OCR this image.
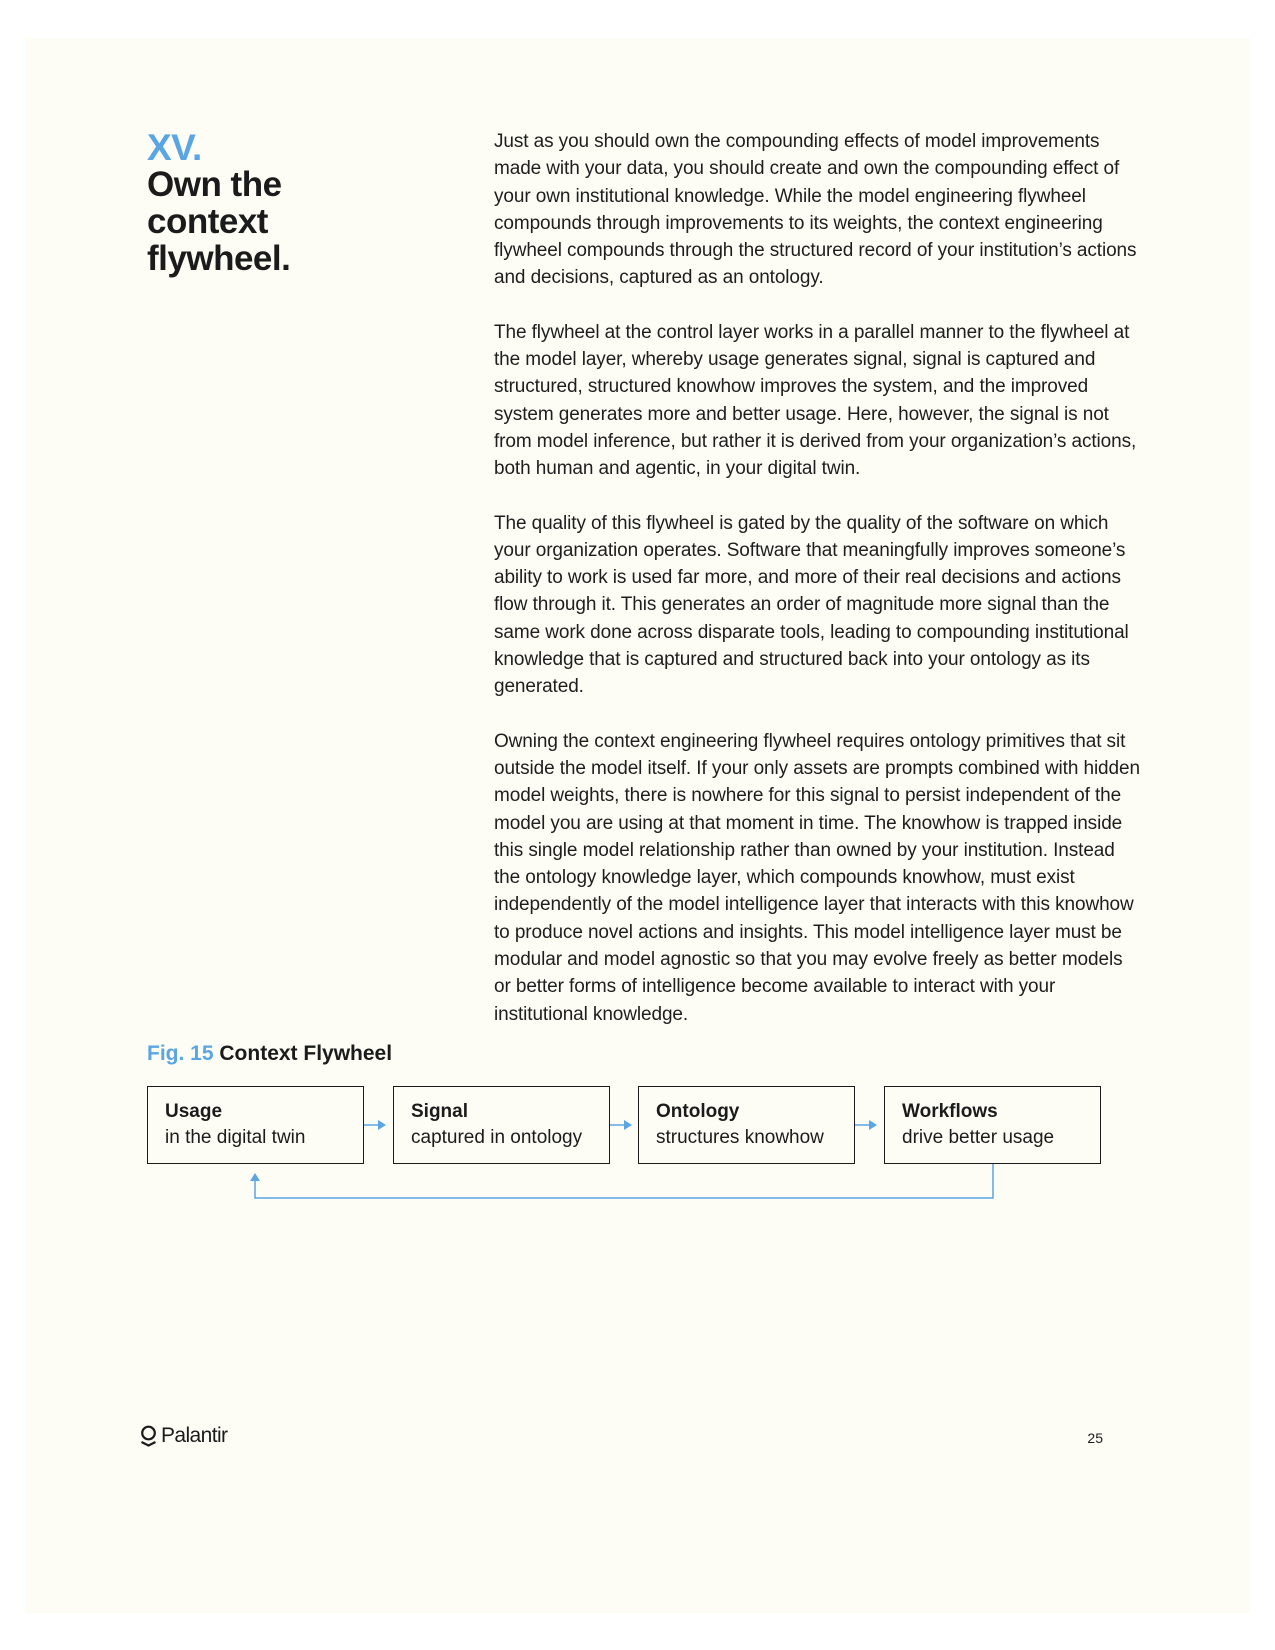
XV.
Own the
context
flywheel.

Just as you should own the compounding effects of model improvements made with your data, you should create and own the compounding effect of your own institutional knowledge. While the model engineering flywheel compounds through improvements to its weights, the context engineering flywheel compounds through the structured record of your institution’s actions and decisions, captured as an ontology.

The flywheel at the control layer works in a parallel manner to the flywheel at the model layer, whereby usage generates signal, signal is captured and structured, structured knowhow improves the system, and the improved system generates more and better usage. Here, however, the signal is not from model inference, but rather it is derived from your organization’s actions, both human and agentic, in your digital twin.

The quality of this flywheel is gated by the quality of the software on which your organization operates. Software that meaningfully improves someone’s ability to work is used far more, and more of their real decisions and actions flow through it. This generates an order of magnitude more signal than the same work done across disparate tools, leading to compounding institutional knowledge that is captured and structured back into your ontology as its generated.

Owning the context engineering flywheel requires ontology primitives that sit outside the model itself. If your only assets are prompts combined with hidden model weights, there is nowhere for this signal to persist independent of the model you are using at that moment in time. The knowhow is trapped inside this single model relationship rather than owned by your institution. Instead the ontology knowledge layer, which compounds knowhow, must exist independently of the model intelligence layer that interacts with this knowhow to produce novel actions and insights. This model intelligence layer must be modular and model agnostic so that you may evolve freely as better models or better forms of intelligence become available to interact with your institutional knowledge.

Fig. 15 Context Flywheel
Usage
in the digital twin
Signal
captured in ontology
Ontology
structures knowhow
Workflows
drive better usage
Palantir	25
